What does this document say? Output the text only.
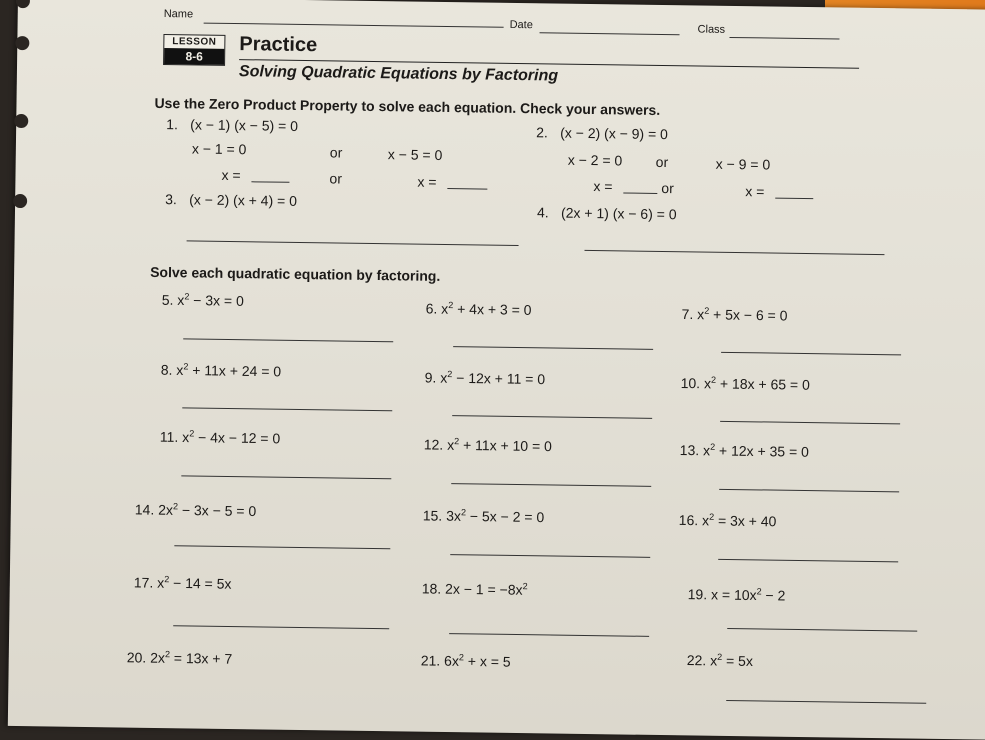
Name
Date	Class
LESSON
8-6
Practice
Solving Quadratic Equations by Factoring
Use the Zero Product Property to solve each equation. Check your answers.
1. (x − 1) (x − 5) = 0
x − 1 = 0	or	x − 5 = 0
x =	or	x =
2. (x − 2) (x − 9) = 0
x − 2 = 0 or	x − 9 = 0
x =	or	x =
3. (x − 2) (x + 4) = 0
4. (2x + 1) (x − 6) = 0
Solve each quadratic equation by factoring.
5. $x^2 - 3x = 0$	6. $x^2 + 4x + 3 = 0$	7. $x^2 + 5x - 6 = 0$
8. $x^2 + 11x + 24 = 0$	9. $x^2 - 12x + 11 = 0$	10. $x^2 + 18x + 65 = 0$
11. $x^2 - 4x - 12 = 0$	12. $x^2 + 11x + 10 = 0$	13. $x^2 + 12x + 35 = 0$
14. $2x^2 - 3x - 5 = 0$	15. $3x^2 - 5x - 2 = 0$	16. $x^2 = 3x + 40$
17. $x^2 - 14 = 5x$	18. $2x - 1 = -8x^2$	19. $x = 10x^2 - 2$
20. $2x^2 = 13x + 7$	21. $6x^2 + x = 5$	22. $x^2 = 5x$
